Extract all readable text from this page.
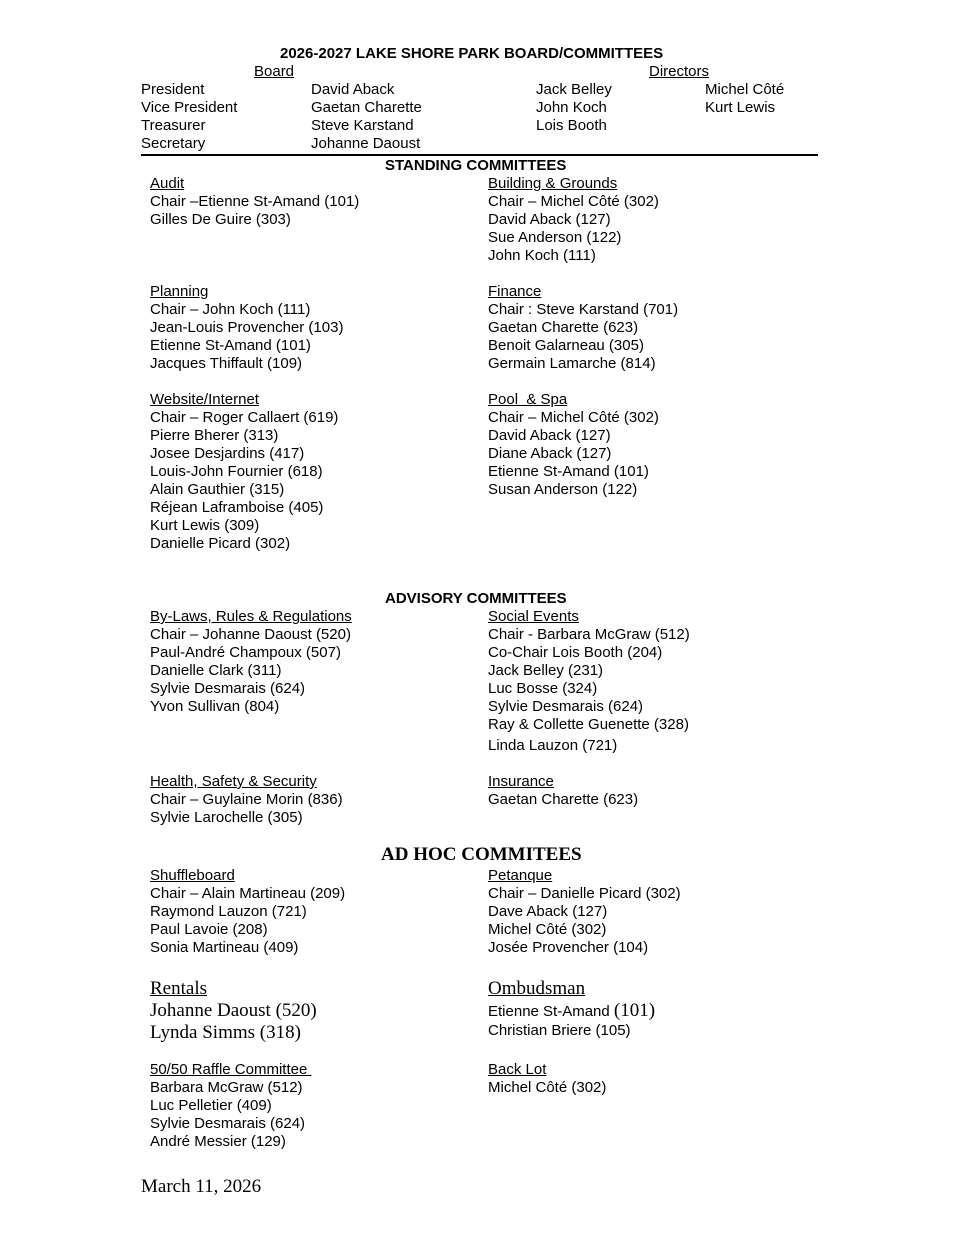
2026-2027 LAKE SHORE PARK BOARD/COMMITTEES
Board	Directors
President
Vice President
Treasurer
Secretary
David Aback
Gaetan Charette
Steve Karstand
Johanne Daoust
Jack Belley
John Koch
Lois Booth
Michel Côté
Kurt Lewis
STANDING COMMITTEES
Audit
Chair –Etienne St-Amand (101)
Gilles De Guire (303)
Building & Grounds
Chair – Michel Côté (302)
David Aback (127)
Sue Anderson (122)
John Koch (111)
Planning
Chair – John Koch (111)
Jean-Louis Provencher (103)
Etienne St-Amand (101)
Jacques Thiffault (109)
Finance
Chair : Steve Karstand (701)
Gaetan Charette (623)
Benoit Galarneau (305)
Germain Lamarche (814)
Website/Internet
Chair – Roger Callaert (619)
Pierre Bherer (313)
Josee Desjardins (417)
Louis-John Fournier (618)
Alain Gauthier (315)
Réjean Laframboise (405)
Kurt Lewis (309)
Danielle Picard (302)
Pool  & Spa
Chair – Michel Côté (302)
David Aback (127)
Diane Aback (127)
Etienne St-Amand (101)
Susan Anderson (122)
ADVISORY COMMITTEES
By-Laws, Rules & Regulations
Chair – Johanne Daoust (520)
Paul-André Champoux (507)
Danielle Clark (311)
Sylvie Desmarais (624)
Yvon Sullivan (804)
Social Events
Chair - Barbara McGraw (512)
Co-Chair Lois Booth (204)
Jack Belley (231)
Luc Bosse (324)
Sylvie Desmarais (624)
Ray & Collette Guenette (328)
Linda Lauzon (721)
Health, Safety & Security
Chair – Guylaine Morin (836)
Sylvie Larochelle (305)
Insurance
Gaetan Charette (623)
AD HOC COMMITEES
Shuffleboard
Chair – Alain Martineau (209)
Raymond Lauzon (721)
Paul Lavoie (208)
Sonia Martineau (409)
Petanque
Chair – Danielle Picard (302)
Dave Aback (127)
Michel Côté (302)
Josée Provencher (104)
Rentals
Johanne Daoust (520)
Lynda Simms (318)
Ombudsman
Etienne St-Amand (101)
Christian Briere (105)
50/50 Raffle Committee
Barbara McGraw (512)
Luc Pelletier (409)
Sylvie Desmarais (624)
André Messier (129)
Back Lot
Michel Côté (302)
March 11, 2026
